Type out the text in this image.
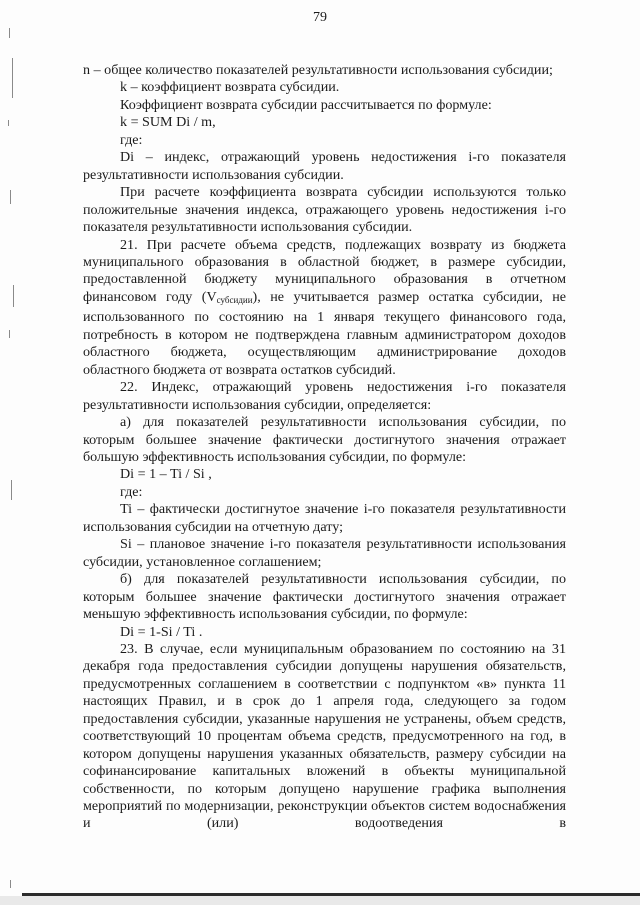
79

n – общее количество показателей результативности использования субсидии;

k – коэффициент возврата субсидии.

Коэффициент возврата субсидии рассчитывается по формуле:

k = SUM Di / m,

где:

Di – индекс, отражающий уровень недостижения i-го показателя результативности использования субсидии.

При расчете коэффициента возврата субсидии используются только положительные значения индекса, отражающего уровень недостижения i-го показателя результативности использования субсидии.

21. При расчете объема средств, подлежащих возврату из бюджета муниципального образования в областной бюджет, в размере субсидии, предоставленной бюджету муниципального образования в отчетном финансовом году $(V_{субсидии})$, не учитывается размер остатка субсидии, не использованного по состоянию на 1 января текущего финансового года, потребность в котором не подтверждена главным администратором доходов областного бюджета, осуществляющим администрирование доходов областного бюджета от возврата остатков субсидий.

22. Индекс, отражающий уровень недостижения i-го показателя результативности использования субсидии, определяется:

а) для показателей результативности использования субсидии, по которым большее значение фактически достигнутого значения отражает большую эффективность использования субсидии, по формуле:

Di = 1 – Ti / Si ,

где:

Ti – фактически достигнутое значение i-го показателя результативности использования субсидии на отчетную дату;

Si – плановое значение i-го показателя результативности использования субсидии, установленное соглашением;

б) для показателей результативности использования субсидии, по которым большее значение фактически достигнутого значения отражает меньшую эффективность использования субсидии, по формуле:

Di = 1-Si / Ti .

23. В случае, если муниципальным образованием по состоянию на 31 декабря года предоставления субсидии допущены нарушения обязательств, предусмотренных соглашением в соответствии с подпунктом «в» пункта 11 настоящих Правил, и в срок до 1 апреля года, следующего за годом предоставления субсидии, указанные нарушения не устранены, объем средств, соответствующий 10 процентам объема средств, предусмотренного на год, в котором допущены нарушения указанных обязательств, размеру субсидии на софинансирование капитальных вложений в объекты муниципальной собственности, по которым допущено нарушение графика выполнения мероприятий по модернизации, реконструкции объектов систем водоснабжения и (или) водоотведения в
